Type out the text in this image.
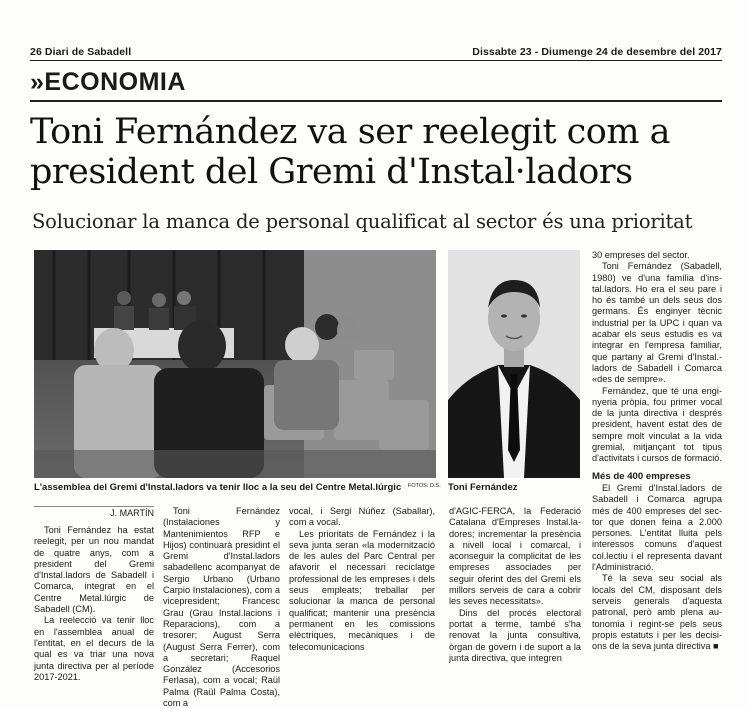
26 Diari de Sabadell	Dissabte 23 - Diumenge 24 de desembre del 2017
»ECONOMIA
Toni Fernández va ser reelegit com a president del Gremi d'Instal·ladors
Solucionar la manca de personal qualificat al sector és una prioritat
L'assemblea del Gremi d'Instal.ladors va tenir lloc a la seu del Centre Metal.lúrgic FOTOS: D.S. Toni Fernández
J. MARTÍN

Toni Fernández ha estat reelegit, per un nou mandat de quatre anys, com a president del Gremi d'Instal.ladors de Sabadell i Comarca, integrat en el Centre Metal.lúrgic de Sabadell (CM).

La reelecció va tenir lloc en l'assemblea anual de l'entitat, en el decurs de la qual es va triar una nova junta directiva per al període 2017-2021.

Toni Fernández (Instalaciones y Mantenimientos RFP e Hijos) continuarà presidint el Gremi d'Instal.ladors sabadellenc acompanyat de Sergio Urbano (Urbano Carpio Instalaciones), com a vicepresident; Francesc Grau (Grau Instal.lacions i Reparacions), com a tresorer; August Serra (August Serra Ferrer), com a secretari; Raquel González (Accesorios Ferlasa), com a vocal; Raül Palma (Raül Palma Costa), com a

vocal, i Sergi Núñez (Saballar), com a vocal.

Les prioritats de Fernández i la seva junta seran «la modernització de les aules del Parc Central per afavorir el necessari reciclatge professional de les empreses i dels seus empleats; treballar per solucionar la manca de personal qualificat; mantenir una presència permanent en les comissions elèctriques, mecàniques i de telecomunicacions

d'AGIC-FERCA, la Federació Catalana d'Empreses Instal.ladores; incrementar la presència a nivell local i comarcal, i aconseguir la complicitat de les empreses associades per seguir oferint des del Gremi els millors serveis de cara a cobrir les seves necessitats».

Dins del procés electoral portat a terme, també s'ha renovat la junta consultiva, òrgan de govern i de suport a la junta directiva, que integren

30 empreses del sector.

Toni Fernández (Sabadell, 1980) ve d'una família d'instal.ladors. Ho era el seu pare i ho és també un dels seus dos germans. És enginyer tècnic industrial per la UPC i quan va acabar els seus estudis es va integrar en l'empresa familiar, que partany al Gremi d'Instal.ladors de Sabadell i Comarca «des de sempre».

Fernández, que té una enginyeria pròpia, fou primer vocal de la junta directiva i després president, havent estat des de sempre molt vinculat a la vida gremial, mitjançant tot tipus d'activitats i cursos de formació.

Més de 400 empreses

El Gremi d'Instal.ladors de Sabadell i Comarca agrupa més de 400 empreses del sector que donen feina a 2.000 persones. L'entitat lluita pels interessos comuns d'aquest col.lectiu i el representa davant l'Administració.

Té la seva seu social als locals del CM, disposant dels serveis generals d'aquesta patronal, però amb plena autonomia i regint-se pels seus propis estatuts i per les decisions de la seva junta directiva ■
